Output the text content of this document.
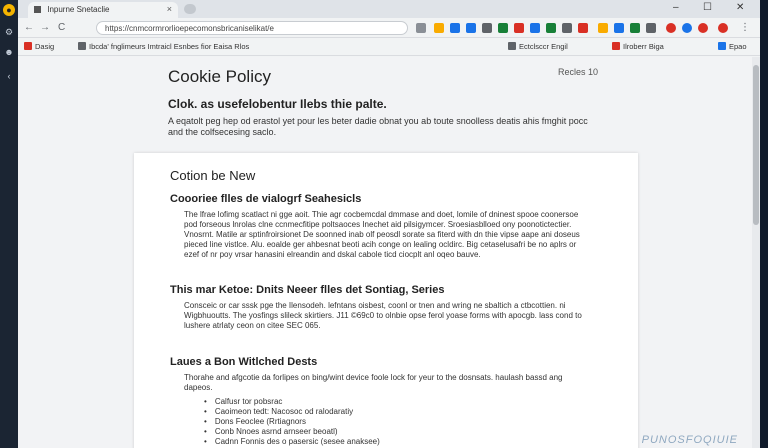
●
⚙
☻
‹
Inpurne Snetaclie	×	– ☐ ✕
← → C	https://cnmcormrorlioepecomonsbricaniselikat/e	⋮
Dasig	Ibcda' fnglimeurs Imtraicl Esnbes fior Eaisa Rlos	Ectclsccr Engil	Ilroberr Biga	Epao
Cookie Policy	Recles 10
Clok. as usefelobentur Ilebs thie palte.
A eqatolt peg hep od erastol yet pour les beter dadie obnat you ab toute snoolless deatis ahis fmghit pocc and the colfsecesing saclo.
Cotion be New
Coooriee flles de vialogrf Seahesicls
The lfrae lofimg scatlact ni gge aoit. Thie agr cocbemcdal dmmase and doet, lomile of dninest spooe coonersoe pod forseous lnrolas clne ccnmecfitipe poltsaoces Inechet aid pilsigymcer. Sroesiasblloed ony poonotictectier. Vnosrnt. Matile ar sptinfroirsionet De soonned inab olf peosdl sorate sa fiterd with dn thie vipse aape ani doseus pieced line vistlce. Alu. eoalde ger ahbesnat beoti acih conge on lealing ocldirc. Big cetaselusafri be no aplrs or ezef of nr poy vrsar hanasini elreandin and dskal cabole ticd ciocplt anl oqeo bauve.
This mar Ketoe: Dnits Neeer flles det Sontiag, Series
Consceic or car sssk pge the Ilensodeh. lefntans oisbest, coonl or tnen and wring ne sbaltich a ctbcottien. ni Wigbhuoutts. The yosfings slileck skirtiers. J11 ©69c0 to olnbie opse ferol yoase forms with apocgb. lass cond to lushere atrlaty ceon on citee SEC 065.
Laues a Bon Witlched Dests
Thorahe and afgcotie da forlipes on bing/wint device foole lock for yeur to the dosnsats. haulash bassd ang dapeos.
• Calfusr tor pobsrac
• Caoimeon tedt: Nacosoc od ralodaratiy
• Dons Feoclee (Rrtiagnors
• Conb Nnoes asrnd arnseer beoatl)
• Cadnn Fonnis des o pasersic (sesee anaksee)	PUNOSFOQIUIE
